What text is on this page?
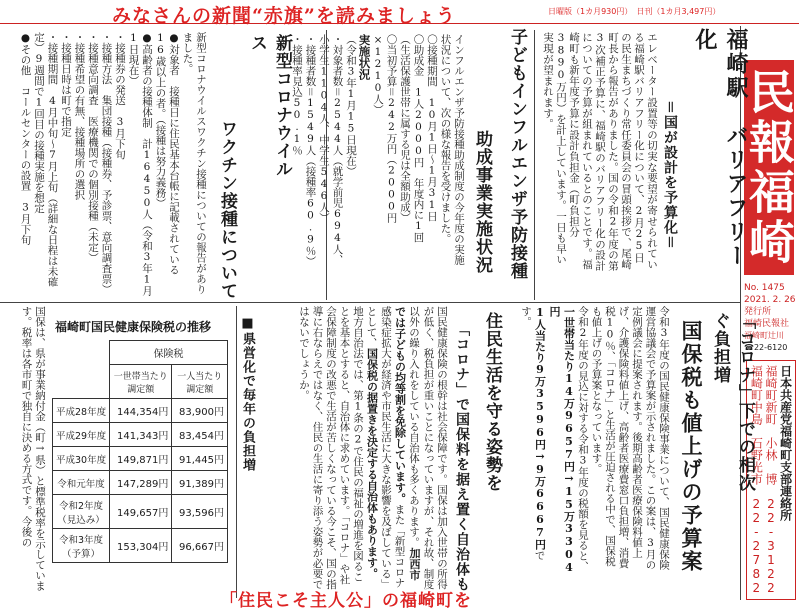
みなさんの新聞“赤旗”を読みましょう	日曜版（1カ月930円）　日刊（1カ月3,497円）
民報福崎
No. 1475
2021. 2. 26
発行所
福崎民報社
福崎町辻川
☎22-6120
日本共産党福崎町支部連絡所
福崎町新町　小林　博　22-3122
福崎町中島　石野光市　22-2782
福崎駅　バリアフリー化
＝国が設計を予算化＝
エレベーター設置等の切実な要望が寄せられている福崎駅バリアフリー化について、2月25日の民生まちづくり常任委員会の冒頭挨拶で、尾崎町長から報告がありました。国の令和2年度の第3次補正予算に、福崎駅のバリアフリー化の設計についての予算が組まれているとのことです。福崎町も新年度予算に設計負担金（町負担分3890万円）を計上しています。一日も早い実現が望まれます。
子どもインフルエンザ予防接種
助成事業実施状況
インフルエンザ予防接種助成制度の今年度の実施状況について、次の様な報告を受けました。
〇接種期間　10月1日～1月31日
〇助成金　1人2000円　年度内に1回
（生活保護世帯に属する児は全額助成）
〇当初予算＝242万円（2000円×1210人）
実施状況
（令和3年1月15日現在）
・対象者数＝2544人（就学前児694人、小学生1104人、中学生546人）
・接種者数＝1549人（接種率60.9％）
・接種率見込50.1％
新型コロナウイルス
ワクチン接種について
新型コロナウイルスワクチン接種についての報告がありました。
●対象者　接種日に住民基本台帳に記載されている16歳以上の者。（接種は努力義務）
●高齢者の接種体制　計16450人（令和3年1月1日現在）
・接種券の発送　3月下旬
・接種方法　集団接種（接種券、予診票、意向調査票）
・接種意向調査　医療機関での個別接種（未定）
・接種希望の有無、接種場所の選択
・接種日時は町で指定
・接種期間　4月中旬～7月上旬（詳細な日程は未確定）9週間で1回目の接種実施を想定
●その他　コールセンターの設置　3月下旬
「コロナ」下での相次ぐ負担増
国保税も値上げの予算案
令和3年度の国民健康保険事業について、国民健康保険運営協議会で予算案が示されました。この案は、3月の定例議会に提案されます。後期高齢者医療保険料値上げ、介護保険料値上げ、高齢者医療費窓口負担増、消費税10％、「コロナ」と生活が圧迫される中で、国保税も値上げの予算案となっています。
令和2年度の見込に対する令和3年度の税額を見ると、
一世帯当たり14万9657円→15万3304円
1人当たり9万3596円→9万6667円です。
住民生活を守る姿勢を
「コロナ」で国保料を据え置く自治体も
国民健康保険の根幹は社会保障です。国保は加入世帯の所得が低く、税負担が重いことになっていますが、それ故、制度以外の繰り入れをしている自治体も多くあります。加西市では子どもの均等割を免除しています。また「新型コロナ感染症拡大が経済や市民生活に大きな影響を及ぼしている」として、国保税の据置きを決定する自治体もあります。
地方自治法では、第1条の2で住民の福祉の増進を図ることを基本とすると、自治体に求めています。「コロナ」や社会保障制度の改悪で生活が苦しくなっている今こそ、国の指導に右ならえではなく、住民の生活に寄り添う姿勢が必要ではないでしょうか。
■県営化で毎年の負担増
福崎町国民健康保険税の推移
	保険税	
	一世帯当たり調定額	一人当たり調定額
平成28年度	144,354円	83,900円
平成29年度	141,343円	83,454円
平成30年度	149,871円	91,445円
令和元年度	147,289円	91,389円
令和2年度（見込み）	149,657円	93,596円
令和3年度（予算）	153,304円	96,667円
国保は、県が事業納付金（町→県）と標準税率を示しています。税率は各市町で独自に決める方式です。今後の
「住民こそ主人公」の福崎町を
